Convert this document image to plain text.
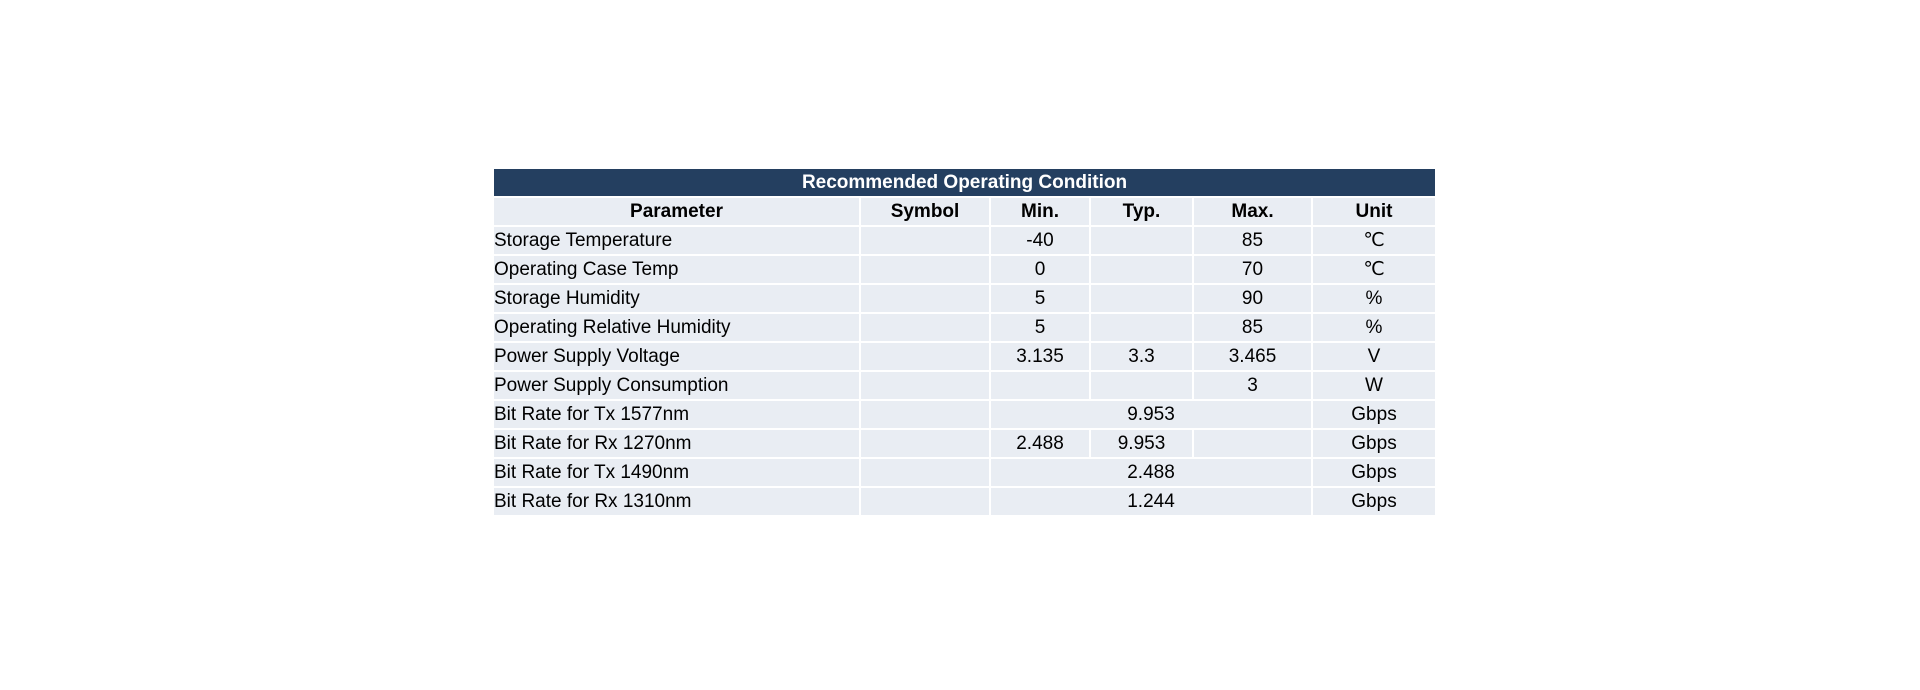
Recommended Operating Condition					
Parameter	Symbol	Min.	Typ.	Max.	Unit
Storage Temperature		-40		85	℃
Operating Case Temp		0		70	℃
Storage Humidity		5		90	%
Operating Relative Humidity		5		85	%
Power Supply Voltage		3.135	3.3	3.465	V
Power Supply Consumption				3	W
Bit Rate for Tx 1577nm		9.953			Gbps
Bit Rate for Rx 1270nm		2.488	9.953		Gbps
Bit Rate for Tx 1490nm		2.488			Gbps
Bit Rate for Rx 1310nm		1.244			Gbps
